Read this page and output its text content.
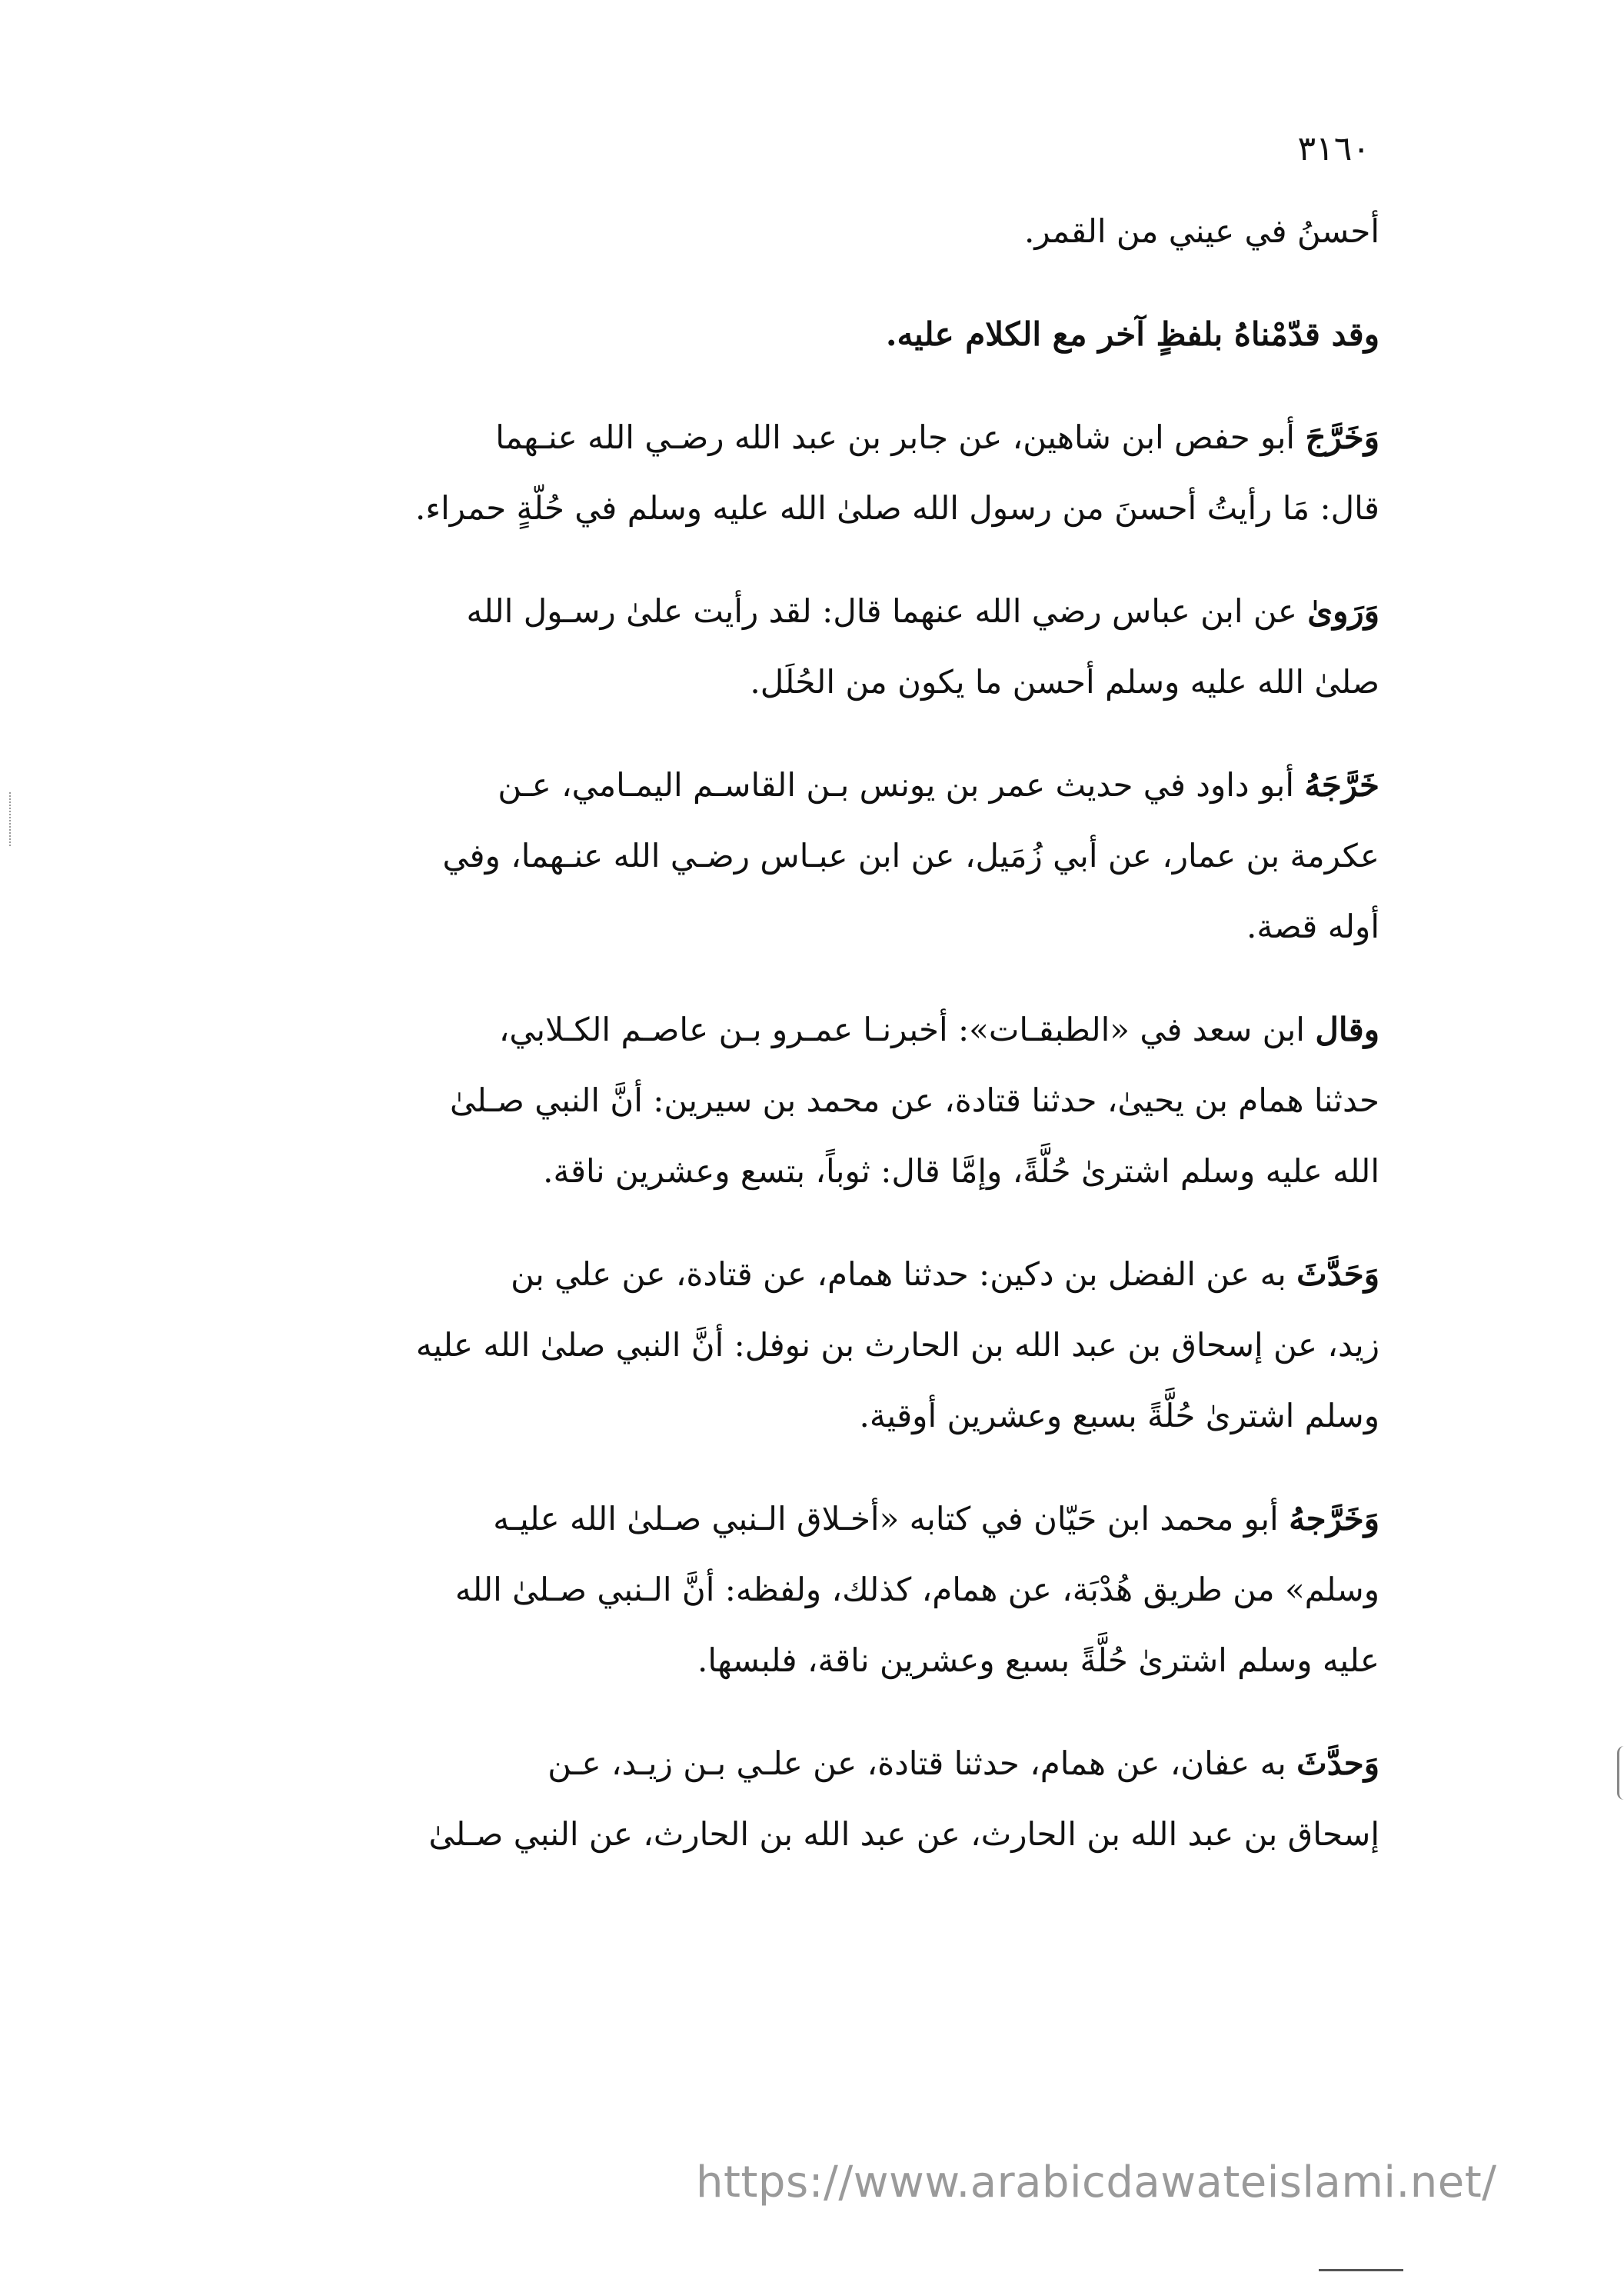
٣١٦٠
أحسنُ في عيني من القمر.
وقد قدّمْناهُ بلفظٍ آخر مع الكلام عليه.
وَخَرَّجَ أبو حفص ابن شاهين، عن جابر بن عبد الله رضـي الله عنـهما
قال: مَا رأيتُ أحسنَ من رسول الله صلىٰ الله عليه وسلم في حُلّةٍ حمراء.
وَرَوىٰ عن ابن عباس رضي الله عنهما قال: لقد رأيت علىٰ رسـول الله
صلىٰ الله عليه وسلم أحسن ما يكون من الحُلَل.
خَرَّجَهُ أبو داود في حديث عمر بن يونس بـن القاسـم اليمـامي، عـن
عكرمة بن عمار، عن أبي زُمَيل، عن ابن عبـاس رضـي الله عنـهما، وفي
أوله قصة.
وقال ابن سعد في «الطبقـات»: أخبرنـا عمـرو بـن عاصـم الكـلابي،
حدثنا همام بن يحيىٰ، حدثنا قتادة، عن محمد بن سيرين: أنَّ النبي صـلىٰ
الله عليه وسلم اشترىٰ حُلَّةً، وإمَّا قال: ثوباً، بتسع وعشرين ناقة.
وَحَدَّثَ به عن الفضل بن دكين: حدثنا همام، عن قتادة، عن علي بن
زيد، عن إسحاق بن عبد الله بن الحارث بن نوفل: أنَّ النبي صلىٰ الله عليه
وسلم اشترىٰ حُلَّةً بسبع وعشرين أوقية.
وَخَرَّجهُ أبو محمد ابن حَيّان في كتابه «أخـلاق الـنبي صـلىٰ الله عليـه
وسلم» من طريق هُدْبَة، عن همام، كذلك، ولفظه: أنَّ الـنبي صـلىٰ الله
عليه وسلم اشترىٰ حُلَّةً بسبع وعشرين ناقة، فلبسها.
وَحدَّثَ به عفان، عن همام، حدثنا قتادة، عن علـي بـن زيـد، عـن
إسحاق بن عبد الله بن الحارث، عن عبد الله بن الحارث، عن النبي صـلىٰ
https://www.arabicdawateislami.net/
